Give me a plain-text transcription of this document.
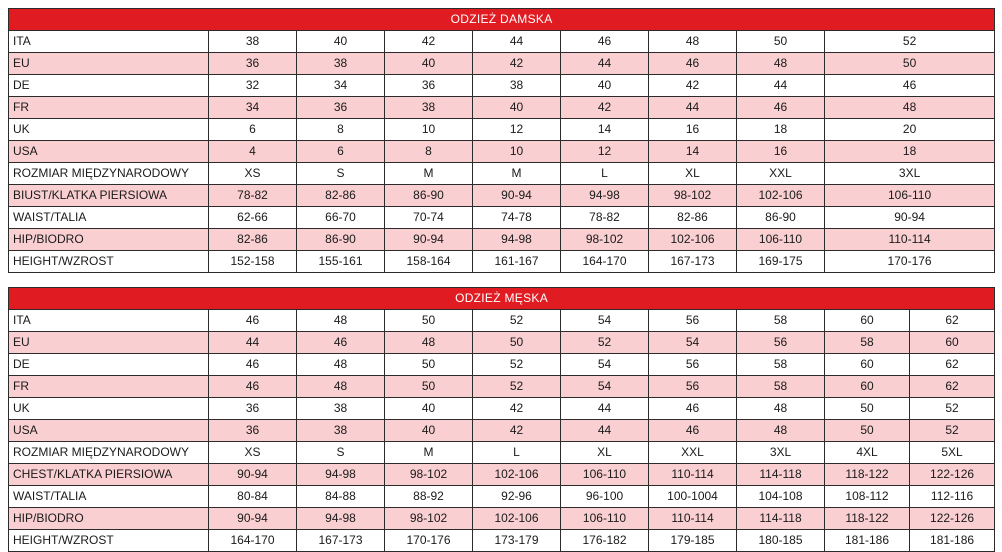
ODZIEŻ DAMSKA								
ITA	38	40	42	44	46	48	50	52
EU	36	38	40	42	44	46	48	50
DE	32	34	36	38	40	42	44	46
FR	34	36	38	40	42	44	46	48
UK	6	8	10	12	14	16	18	20
USA	4	6	8	10	12	14	16	18
ROZMIAR MIĘDZYNARODOWY	XS	S	M	M	L	XL	XXL	3XL
BIUST/KLATKA PIERSIOWA	78-82	82-86	86-90	90-94	94-98	98-102	102-106	106-110
WAIST/TALIA	62-66	66-70	70-74	74-78	78-82	82-86	86-90	90-94
HIP/BIODRO	82-86	86-90	90-94	94-98	98-102	102-106	106-110	110-114
HEIGHT/WZROST	152-158	155-161	158-164	161-167	164-170	167-173	169-175	170-176
ODZIEŻ MĘSKA									
ITA	46	48	50	52	54	56	58	60	62
EU	44	46	48	50	52	54	56	58	60
DE	46	48	50	52	54	56	58	60	62
FR	46	48	50	52	54	56	58	60	62
UK	36	38	40	42	44	46	48	50	52
USA	36	38	40	42	44	46	48	50	52
ROZMIAR MIĘDZYNARODOWY	XS	S	M	L	XL	XXL	3XL	4XL	5XL
CHEST/KLATKA PIERSIOWA	90-94	94-98	98-102	102-106	106-110	110-114	114-118	118-122	122-126
WAIST/TALIA	80-84	84-88	88-92	92-96	96-100	100-1004	104-108	108-112	112-116
HIP/BIODRO	90-94	94-98	98-102	102-106	106-110	110-114	114-118	118-122	122-126
HEIGHT/WZROST	164-170	167-173	170-176	173-179	176-182	179-185	180-185	181-186	181-186
